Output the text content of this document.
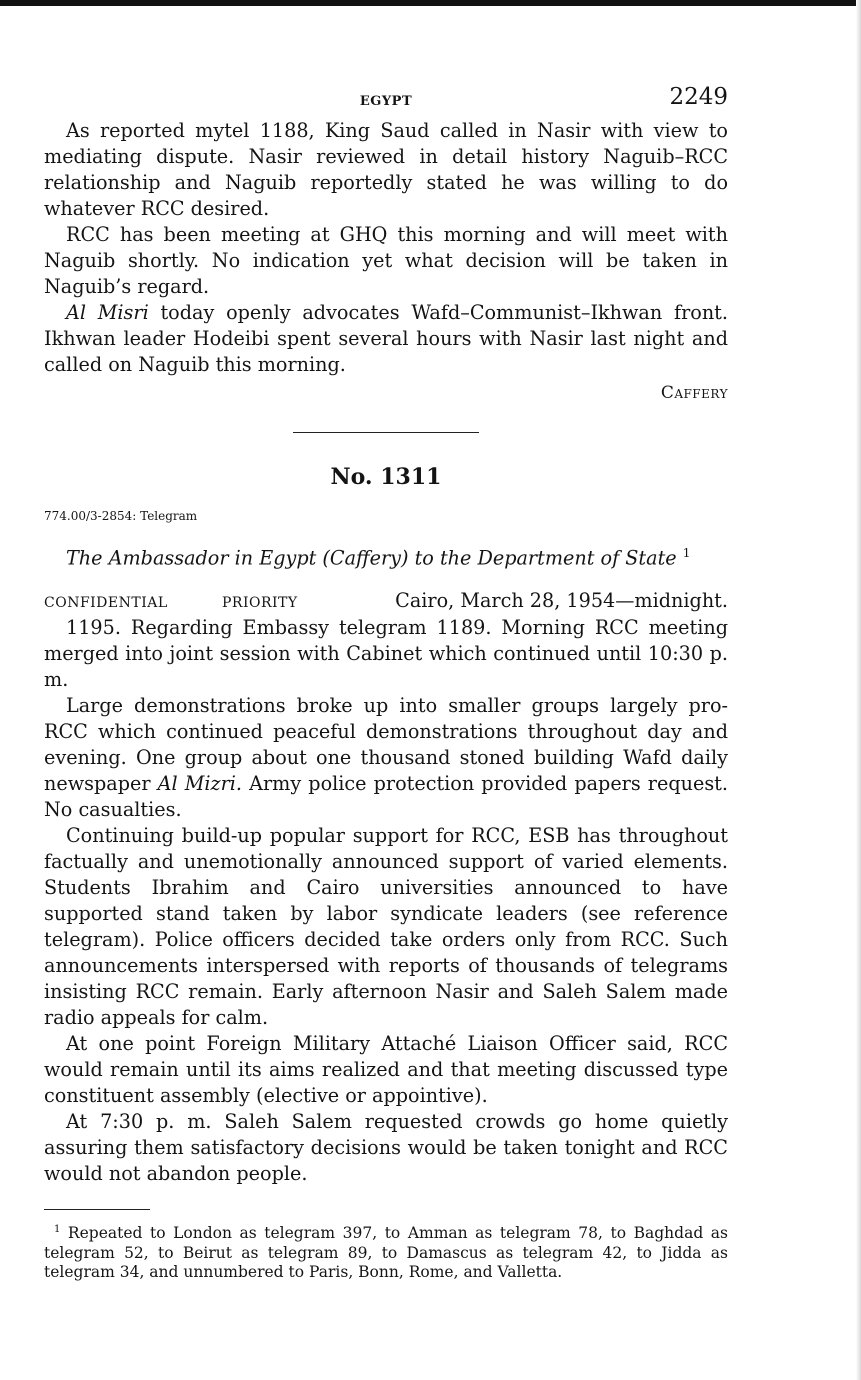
EGYPT	2249

As reported mytel 1188, King Saud called in Nasir with view to mediating dispute. Nasir reviewed in detail history Naguib–RCC relationship and Naguib reportedly stated he was willing to do whatever RCC desired.

RCC has been meeting at GHQ this morning and will meet with Naguib shortly. No indication yet what decision will be taken in Naguib’s regard.

Al Misri today openly advocates Wafd–Communist–Ikhwan front. Ikhwan leader Hodeibi spent several hours with Nasir last night and called on Naguib this morning.

Caffery
No. 1311
774.00/3-2854: Telegram
The Ambassador in Egypt (Caffery) to the Department of State $^1$
CONFIDENTIAL	PRIORITY	Cairo, March 28, 1954—midnight.

1195. Regarding Embassy telegram 1189. Morning RCC meeting merged into joint session with Cabinet which continued until 10:30 p. m.

Large demonstrations broke up into smaller groups largely pro-RCC which continued peaceful demonstrations throughout day and evening. One group about one thousand stoned building Wafd daily newspaper Al Mizri. Army police protection provided papers request. No casualties.

Continuing build-up popular support for RCC, ESB has throughout factually and unemotionally announced support of varied elements. Students Ibrahim and Cairo universities announced to have supported stand taken by labor syndicate leaders (see reference telegram). Police officers decided take orders only from RCC. Such announcements interspersed with reports of thousands of telegrams insisting RCC remain. Early afternoon Nasir and Saleh Salem made radio appeals for calm.

At one point Foreign Military Attaché Liaison Officer said, RCC would remain until its aims realized and that meeting discussed type constituent assembly (elective or appointive).

At 7:30 p. m. Saleh Salem requested crowds go home quietly assuring them satisfactory decisions would be taken tonight and RCC would not abandon people.

$^1$ Repeated to London as telegram 397, to Amman as telegram 78, to Baghdad as telegram 52, to Beirut as telegram 89, to Damascus as telegram 42, to Jidda as telegram 34, and unnumbered to Paris, Bonn, Rome, and Valletta.
